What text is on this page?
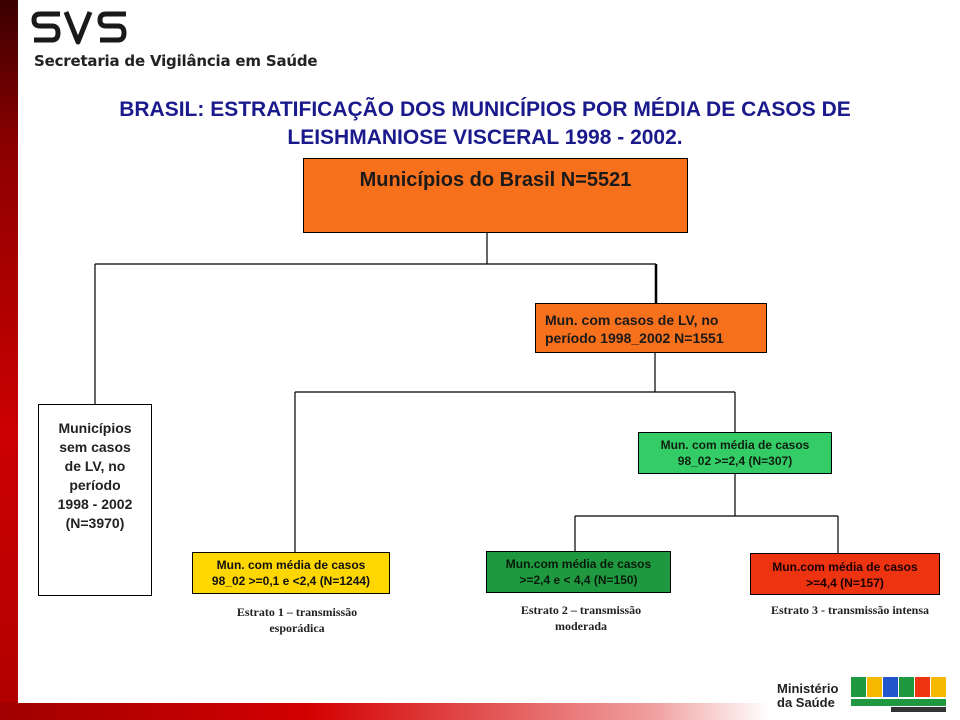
Secretaria de Vigilância em Saúde
BRASIL: ESTRATIFICAÇÃO DOS MUNICÍPIOS POR MÉDIA DE CASOS DE
LEISHMANIOSE VISCERAL 1998 - 2002.
Municípios do Brasil N=5521
Mun. com casos de LV, no
período 1998_2002 N=1551
Municípios
sem casos
de LV, no
período
1998 - 2002
(N=3970)
Mun. com média de casos
98_02 >=2,4 (N=307)
Mun. com média de casos
98_02 >=0,1 e <2,4 (N=1244)
Mun.com média de casos
>=2,4 e < 4,4 (N=150)
Mun.com média de casos
>=4,4 (N=157)
Estrato 1 – transmissão
esporádica
Estrato 2 – transmissão
moderada
Estrato 3 - transmissão intensa
Ministério
da Saúde
